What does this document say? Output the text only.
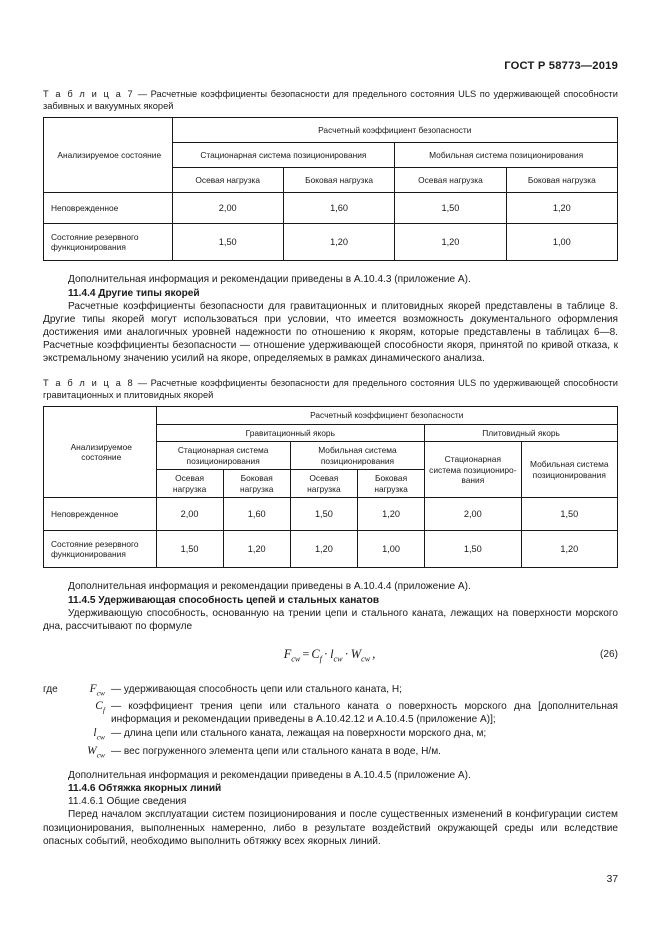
ГОСТ Р 58773—2019

Т а б л и ц а 7 — Расчетные коэффициенты безопасности для предельного состояния ULS по удерживающей способности забивных и вакуумных якорей

Анализируемое состояние	Расчетный коэффициент безопасности			
	Стационарная система позиционирования		Мобильная система позиционирования	
	Осевая нагрузка	Боковая нагрузка	Осевая нагрузка	Боковая нагрузка
Неповрежденное	2,00	1,60	1,50	1,20
Состояние резервного функционирования	1,50	1,20	1,20	1,00

Дополнительная информация и рекомендации приведены в А.10.4.3 (приложение А).

11.4.4 Другие типы якорей

Расчетные коэффициенты безопасности для гравитационных и плитовидных якорей представлены в таблице 8. Другие типы якорей могут использоваться при условии, что имеется возможность документального оформления достижения ими аналогичных уровней надежности по отношению к якорям, которые представлены в таблицах 6—8. Расчетные коэффициенты безопасности — отношение удерживающей способности якоря, принятой по кривой отказа, к экстремальному значению усилий на якоре, определяемых в рамках динамического анализа.

Т а б л и ц а 8 — Расчетные коэффициенты безопасности для предельного состояния ULS по удерживающей способности гравитационных и плитовидных якорей

Анализируемое состояние	Расчетный коэффициент безопасности					
	Гравитационный якорь				Плитовидный якорь	
	Стационарная система позиционирования		Мобильная система позиционирования		Стационарная система позиционирования	Мобильная система позиционирования
	Осевая нагрузка	Боковая нагрузка	Осевая нагрузка	Боковая нагрузка		
Неповрежденное	2,00	1,60	1,50	1,20	2,00	1,50
Состояние резервного функционирования	1,50	1,20	1,20	1,00	1,50	1,20

Дополнительная информация и рекомендации приведены в А.10.4.4 (приложение А).

11.4.5 Удерживающая способность цепей и стальных канатов

Удерживающую способность, основанную на трении цепи и стального каната, лежащих на поверхности морского дна, рассчитывают по формуле

$F_{cw} = C_f \cdot l_{cw} \cdot W_{cw}$ ,	(26)
где	$F_{cw}$ — удерживающая способность цепи или стального каната, Н;
$C_f$ — коэффициент трения цепи или стального каната о поверхность морского дна [дополнительная информация и рекомендации приведены в А.10.42.12 и А.10.4.5 (приложение А)];
$l_{cw}$ — длина цепи или стального каната, лежащая на поверхности морского дна, м;
$W_{cw}$ — вес погруженного элемента цепи или стального каната в воде, Н/м.

Дополнительная информация и рекомендации приведены в А.10.4.5 (приложение А).

11.4.6 Обтяжка якорных линий

11.4.6.1 Общие сведения

Перед началом эксплуатации систем позиционирования и после существенных изменений в конфигурации систем позиционирования, выполненных намеренно, либо в результате воздействий окружающей среды или вследствие опасных событий, необходимо выполнить обтяжку всех якорных линий.

37
